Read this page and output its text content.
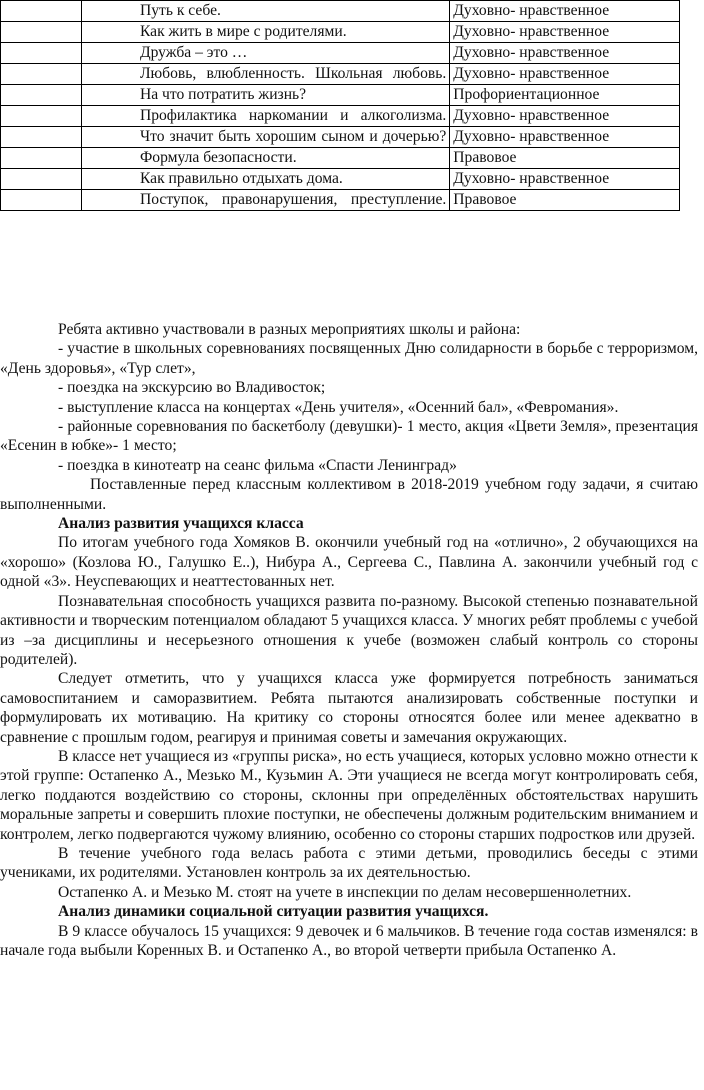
	Путь к себе.	Духовно- нравственное

	Как жить в мире с родителями.	Духовно- нравственное

	Дружба – это …	Духовно- нравственное

	Любовь, влюбленность. Школьная любовь.	Духовно- нравственное

	На что потратить жизнь?	Профориентационное

	Профилактика наркомании и алкоголизма.	Духовно- нравственное

	Что значит быть хорошим сыном и дочерью?	Духовно- нравственное

	Формула безопасности.	Правовое

	Как правильно отдыхать дома.	Духовно- нравственное

	Поступок, правонарушения, преступление.	Правовое

Ребята активно участвовали в разных мероприятиях школы и района:

- участие в школьных соревнованиях посвященных Дню солидарности в борьбе с терроризмом, «День здоровья», «Тур слет»,

- поездка на экскурсию во Владивосток;

- выступление класса на концертах «День учителя», «Осенний бал», «Февромания».

- районные соревнования по баскетболу (девушки)- 1 место, акция «Цвети Земля», презентация «Есенин в юбке»- 1 место;

- поездка в кинотеатр на сеанс фильма «Спасти Ленинград»

Поставленные перед классным коллективом в 2018-2019 учебном году задачи, я считаю выполненными.

Анализ развития учащихся класса

По итогам учебного года Хомяков В. окончили учебный год на «отлично», 2 обучающихся на «хорошо» (Козлова Ю., Галушко Е..), Нибура А., Сергеева С., Павлина А. закончили учебный год с одной «3». Неуспевающих и неаттестованных нет.

Познавательная способность учащихся развита по-разному. Высокой степенью познавательной активности и творческим потенциалом обладают 5 учащихся класса. У многих ребят проблемы с учебой из –за дисциплины и несерьезного отношения к учебе (возможен слабый контроль со стороны родителей).

Следует отметить, что у учащихся класса уже формируется потребность заниматься самовоспитанием и саморазвитием. Ребята пытаются анализировать собственные поступки и формулировать их мотивацию. На критику со стороны относятся более или менее адекватно в сравнение с прошлым годом, реагируя и принимая советы и замечания окружающих.

В классе нет учащиеся из «группы риска», но есть учащиеся, которых условно можно отнести к этой группе: Остапенко А., Мезько М., Кузьмин А. Эти учащиеся не всегда могут контролировать себя, легко поддаются воздействию со стороны, склонны при определённых обстоятельствах нарушить моральные запреты и совершить плохие поступки, не обеспечены должным родительским вниманием и контролем, легко подвергаются чужому влиянию, особенно со стороны старших подростков или друзей.

В течение учебного года велась работа с этими детьми, проводились беседы с этими учениками, их родителями. Установлен контроль за их деятельностью.

Остапенко А. и Мезько М. стоят на учете в инспекции по делам несовершеннолетних.

Анализ динамики социальной ситуации развития учащихся.

В 9 классе обучалось 15 учащихся: 9 девочек и 6 мальчиков. В течение года состав изменялся: в начале года выбыли Коренных В. и Остапенко А., во второй четверти прибыла Остапенко А.
